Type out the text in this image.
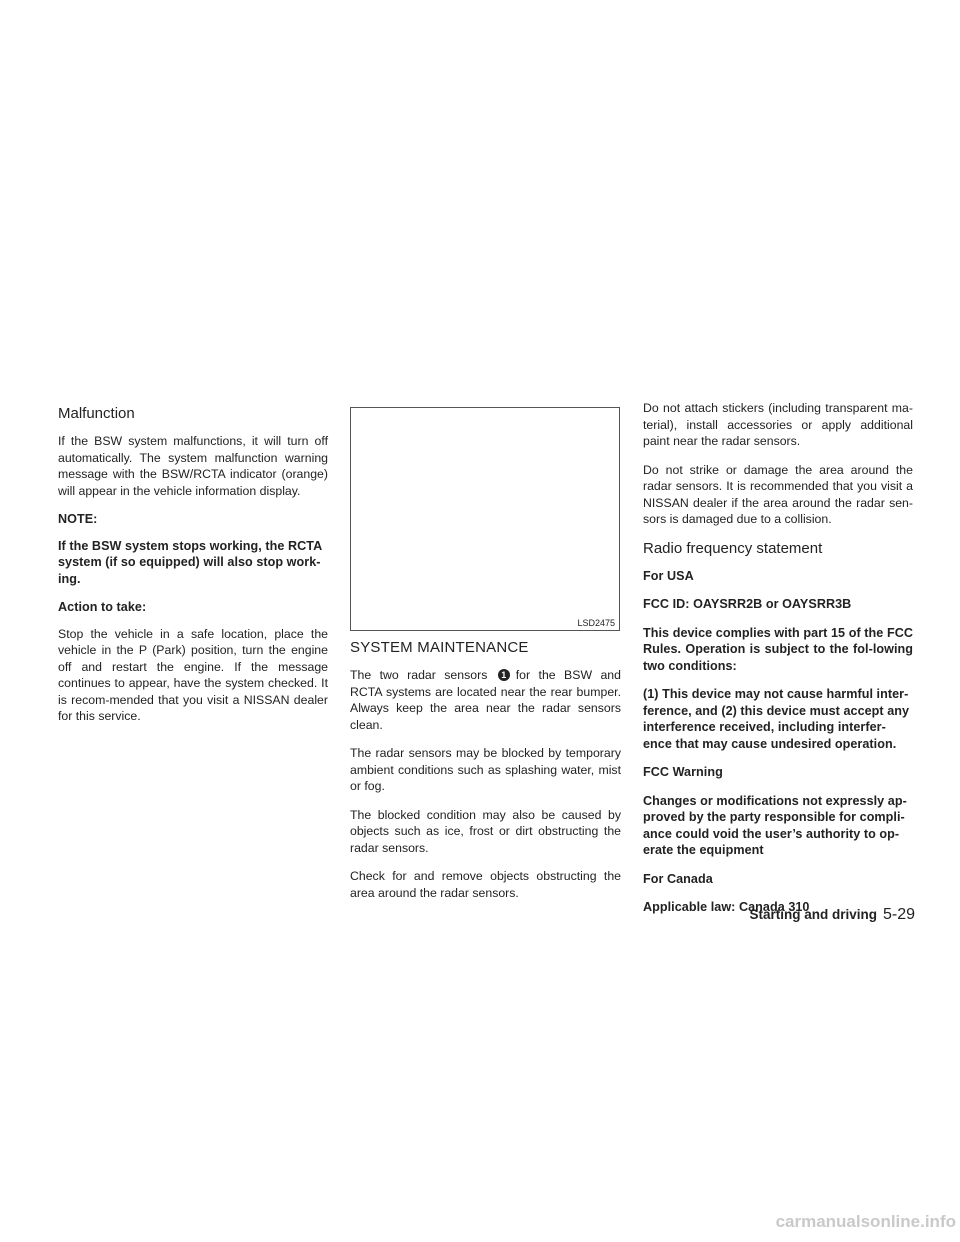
Malfunction

If the BSW system malfunctions, it will turn off automatically. The system malfunction warning message with the BSW/RCTA indicator (orange) will appear in the vehicle information display.

NOTE:

If the BSW system stops working, the RCTA system (if so equipped) will also stop work-ing.

Action to take:

Stop the vehicle in a safe location, place the vehicle in the P (Park) position, turn the engine off and restart the engine. If the message continues to appear, have the system checked. It is recom-mended that you visit a NISSAN dealer for this service.

LSD2475
SYSTEM MAINTENANCE

The two radar sensors 1 for the BSW and RCTA systems are located near the rear bumper. Always keep the area near the radar sensors clean.

The radar sensors may be blocked by temporary ambient conditions such as splashing water, mist or fog.

The blocked condition may also be caused by objects such as ice, frost or dirt obstructing the radar sensors.

Check for and remove objects obstructing the area around the radar sensors.

Do not attach stickers (including transparent ma-terial), install accessories or apply additional paint near the radar sensors.

Do not strike or damage the area around the radar sensors. It is recommended that you visit a NISSAN dealer if the area around the radar sen-sors is damaged due to a collision.

Radio frequency statement

For USA

FCC ID: OAYSRR2B or OAYSRR3B

This device complies with part 15 of the FCC Rules. Operation is subject to the fol-lowing two conditions:

(1) This device may not cause harmful inter-ference, and (2) this device must accept any interference received, including interfer-ence that may cause undesired operation.

FCC Warning

Changes or modifications not expressly ap-proved by the party responsible for compli-ance could void the user’s authority to op-erate the equipment

For Canada

Applicable law: Canada 310

Starting and driving 5-29
carmanualsonline.info
